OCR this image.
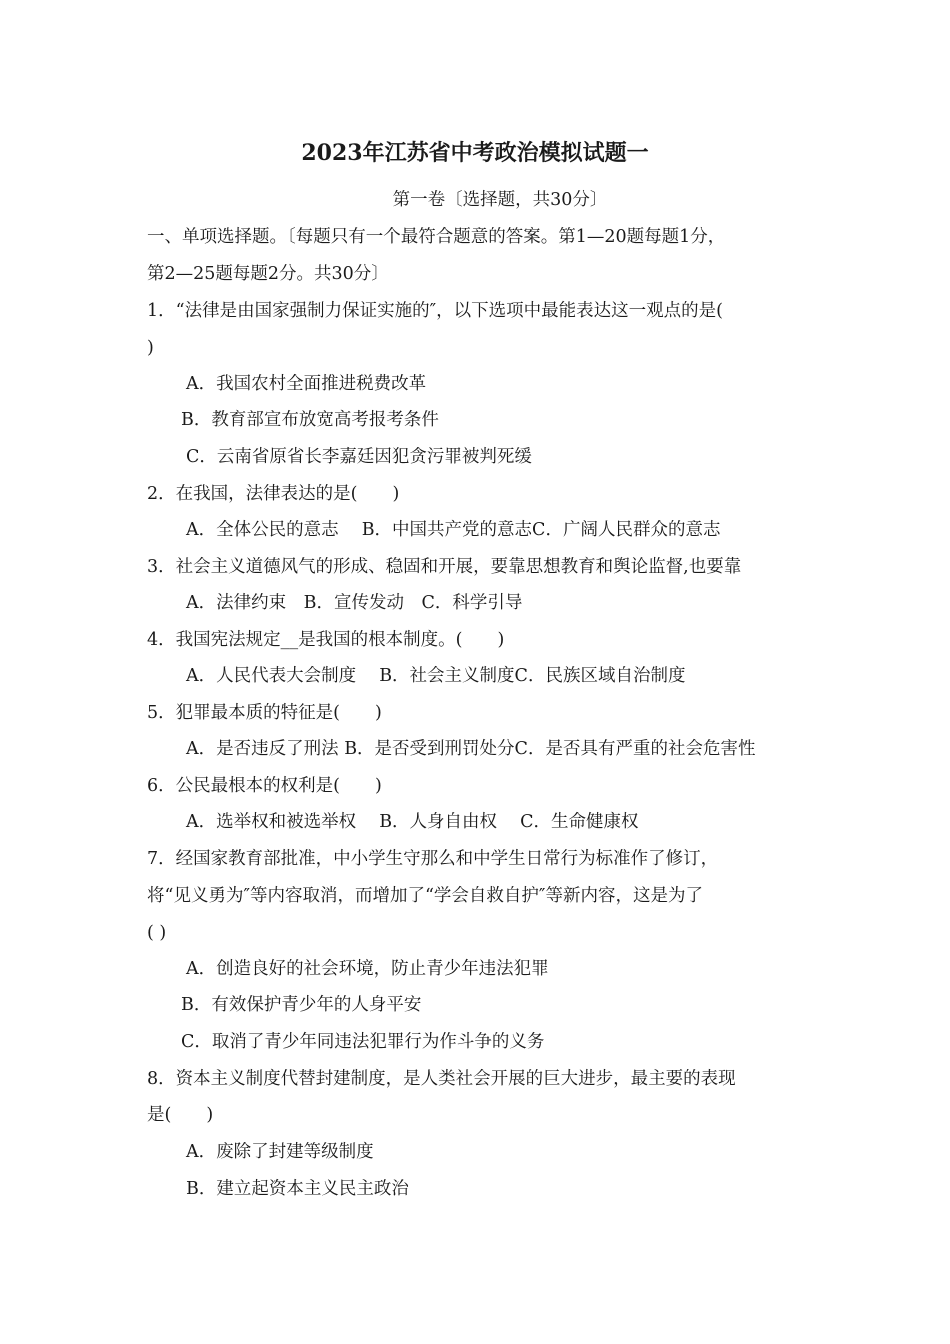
2023年江苏省中考政治模拟试题一
第一卷〔选择题，共30分〕
一、单项选择题。〔每题只有一个最符合题意的答案。第1—20题每题1分，
第2—25题每题2分。共30分〕
1．“法律是由国家强制力保证实施的″，以下选项中最能表达这一观点的是(
)
A．我国农村全面推进税费改革
B．教育部宣布放宽高考报考条件
C．云南省原省长李嘉廷因犯贪污罪被判死缓
2．在我国，法律表达的是(　　)
A．全体公民的意志　 B．中国共产党的意志C．广阔人民群众的意志
3．社会主义道德风气的形成、稳固和开展，要靠思想教育和舆论监督,也要靠
A．法律约束　B．宣传发动　C．科学引导
4．我国宪法规定__是我国的根本制度。(　　)
A．人民代表大会制度　 B．社会主义制度C．民族区域自治制度
5．犯罪最本质的特征是(　　)
A．是否违反了刑法 B．是否受到刑罚处分C．是否具有严重的社会危害性
6．公民最根本的权利是(　　)
A．选举权和被选举权　 B．人身自由权　 C．生命健康权
7．经国家教育部批准，中小学生守那么和中学生日常行为标准作了修订，
将“见义勇为″等内容取消，而增加了“学会自救自护″等新内容，这是为了
( )
A．创造良好的社会环境，防止青少年违法犯罪
B．有效保护青少年的人身平安
C．取消了青少年同违法犯罪行为作斗争的义务
8．资本主义制度代替封建制度，是人类社会开展的巨大进步，最主要的表现
是(　　)
A．废除了封建等级制度
B．建立起资本主义民主政治
